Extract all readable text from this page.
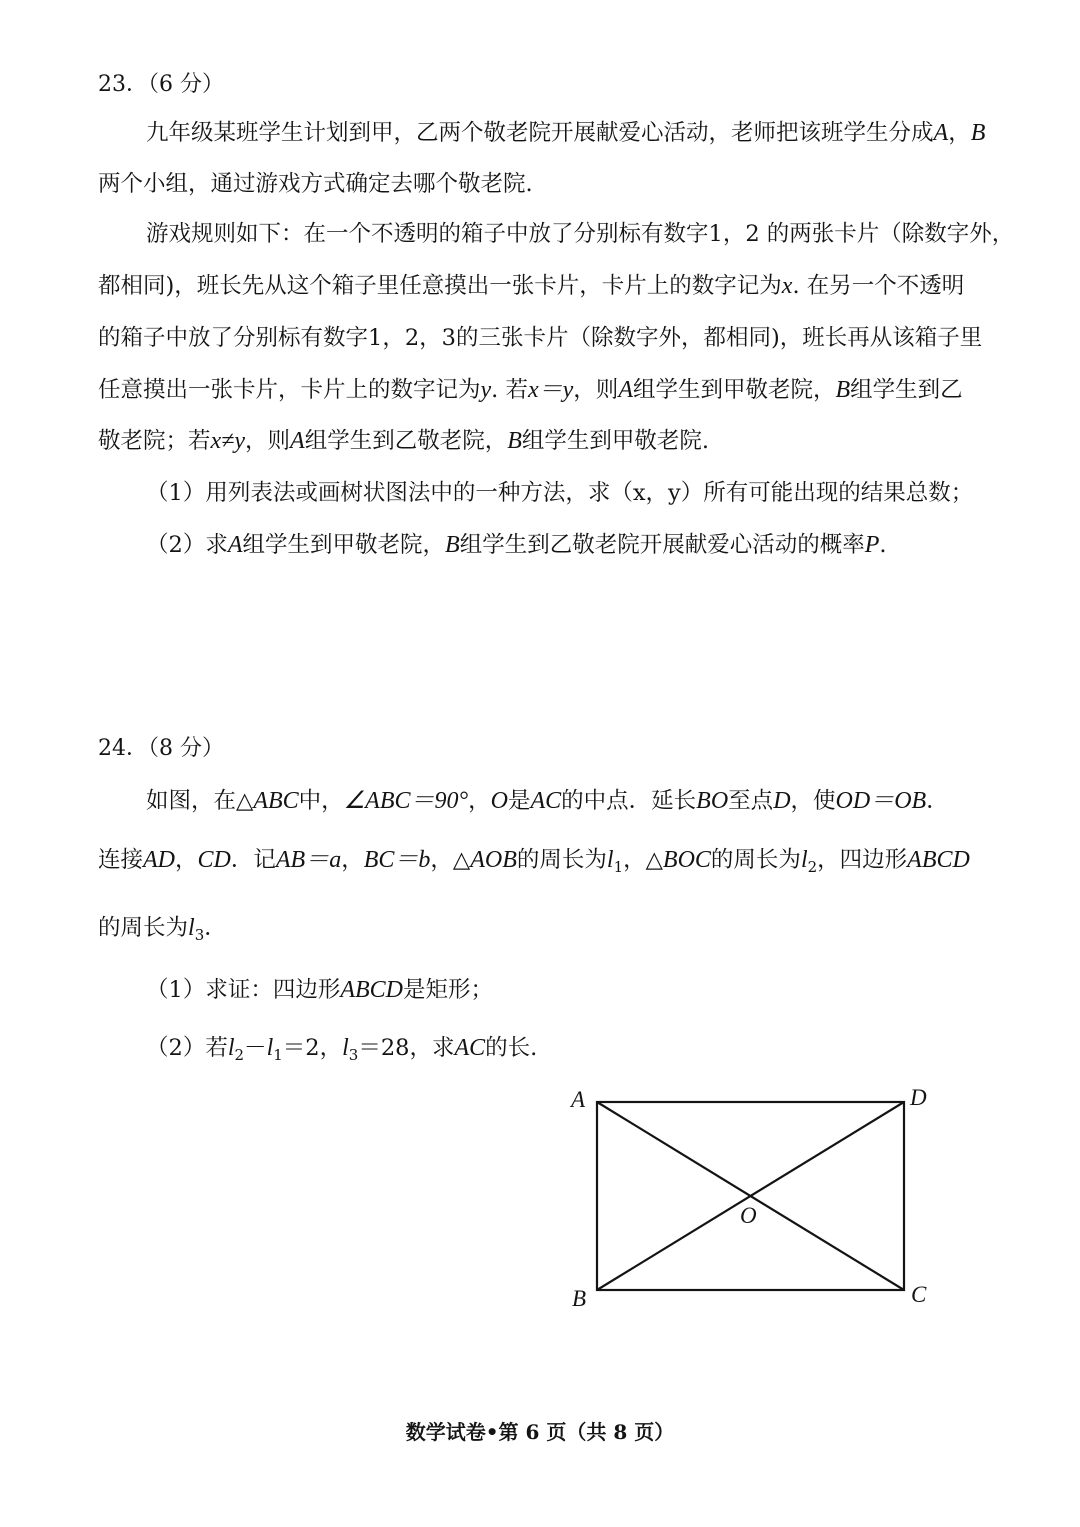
23．（6 分）
九年级某班学生计划到甲，乙两个敬老院开展献爱心活动，老师把该班学生分成A，B
两个小组，通过游戏方式确定去哪个敬老院.
游戏规则如下：在一个不透明的箱子中放了分别标有数字1，2 的两张卡片（除数字外，
都相同)，班长先从这个箱子里任意摸出一张卡片，卡片上的数字记为x. 在另一个不透明
的箱子中放了分别标有数字1，2，3的三张卡片（除数字外，都相同)，班长再从该箱子里
任意摸出一张卡片，卡片上的数字记为y. 若x＝y，则A组学生到甲敬老院，B组学生到乙
敬老院；若x≠y，则A组学生到乙敬老院，B组学生到甲敬老院.
（1）用列表法或画树状图法中的一种方法，求（x，y）所有可能出现的结果总数；
（2）求A组学生到甲敬老院，B组学生到乙敬老院开展献爱心活动的概率P.
24．（8 分）
如图，在△ABC中，∠ABC＝90°，O是AC的中点．延长BO至点D，使OD＝OB．
连接AD，CD．记AB＝a，BC＝b，△AOB的周长为$l_1$，△BOC的周长为$l_2$，四边形ABCD
的周长为$l_3$．
（1）求证：四边形ABCD是矩形；
（2）若$l_2-l_1=2$，$l_3=28$，求AC的长.
A
B	C
D
O
数学试卷•第 6 页（共 8 页）
